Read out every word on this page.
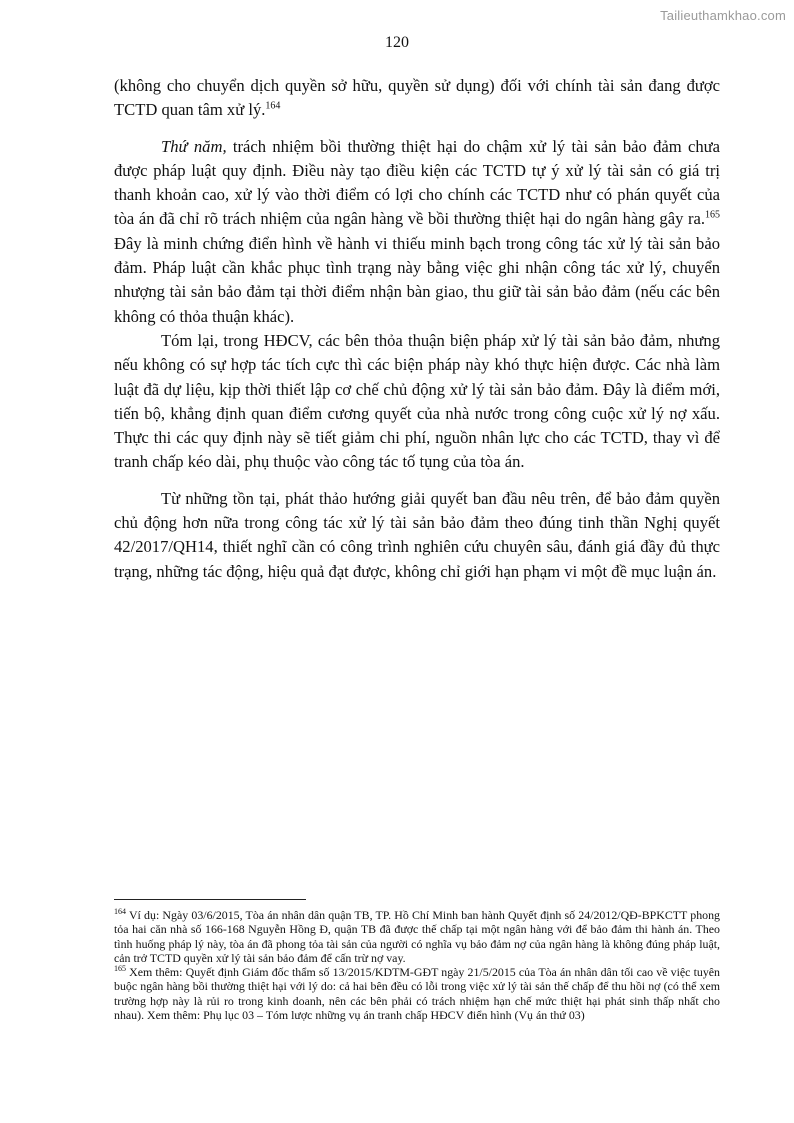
Tailieuthamkhao.com
120

(không cho chuyển dịch quyền sở hữu, quyền sử dụng) đối với chính tài sản đang được TCTD quan tâm xử lý.$^{164}$

Thứ năm, trách nhiệm bồi thường thiệt hại do chậm xử lý tài sản bảo đảm chưa được pháp luật quy định. Điều này tạo điều kiện các TCTD tự ý xử lý tài sản có giá trị thanh khoản cao, xử lý vào thời điểm có lợi cho chính các TCTD như có phán quyết của tòa án đã chỉ rõ trách nhiệm của ngân hàng về bồi thường thiệt hại do ngân hàng gây ra.$^{165}$ Đây là minh chứng điển hình về hành vi thiếu minh bạch trong công tác xử lý tài sản bảo đảm. Pháp luật cần khắc phục tình trạng này bằng việc ghi nhận công tác xử lý, chuyển nhượng tài sản bảo đảm tại thời điểm nhận bàn giao, thu giữ tài sản bảo đảm (nếu các bên không có thỏa thuận khác).

Tóm lại, trong HĐCV, các bên thỏa thuận biện pháp xử lý tài sản bảo đảm, nhưng nếu không có sự hợp tác tích cực thì các biện pháp này khó thực hiện được. Các nhà làm luật đã dự liệu, kịp thời thiết lập cơ chế chủ động xử lý tài sản bảo đảm. Đây là điểm mới, tiến bộ, khẳng định quan điểm cương quyết của nhà nước trong công cuộc xử lý nợ xấu. Thực thi các quy định này sẽ tiết giảm chi phí, nguồn nhân lực cho các TCTD, thay vì để tranh chấp kéo dài, phụ thuộc vào công tác tố tụng của tòa án.

Từ những tồn tại, phát thảo hướng giải quyết ban đầu nêu trên, để bảo đảm quyền chủ động hơn nữa trong công tác xử lý tài sản bảo đảm theo đúng tinh thần Nghị quyết 42/2017/QH14, thiết nghĩ cần có công trình nghiên cứu chuyên sâu, đánh giá đầy đủ thực trạng, những tác động, hiệu quả đạt được, không chỉ giới hạn phạm vi một đề mục luận án.

$^{164}$ Ví dụ: Ngày 03/6/2015, Tòa án nhân dân quận TB, TP. Hồ Chí Minh ban hành Quyết định số 24/2012/QĐ-BPKCTT phong tỏa hai căn nhà số 166-168 Nguyễn Hồng Đ, quận TB đã được thế chấp tại một ngân hàng với để bảo đảm thi hành án. Theo tình huống pháp lý này, tòa án đã phong tỏa tài sản của người có nghĩa vụ bảo đảm nợ của ngân hàng là không đúng pháp luật, cản trở TCTD quyền xử lý tài sản bảo đảm để cấn trừ nợ vay.

$^{165}$ Xem thêm: Quyết định Giám đốc thẩm số 13/2015/KDTM-GĐT ngày 21/5/2015 của Tòa án nhân dân tối cao về việc tuyên buộc ngân hàng bồi thường thiệt hại với lý do: cả hai bên đều có lỗi trong việc xử lý tài sản thế chấp để thu hồi nợ (có thể xem trường hợp này là rủi ro trong kinh doanh, nên các bên phải có trách nhiệm hạn chế mức thiệt hại phát sinh thấp nhất cho nhau). Xem thêm: Phụ lục 03 – Tóm lược những vụ án tranh chấp HĐCV điển hình (Vụ án thứ 03)
